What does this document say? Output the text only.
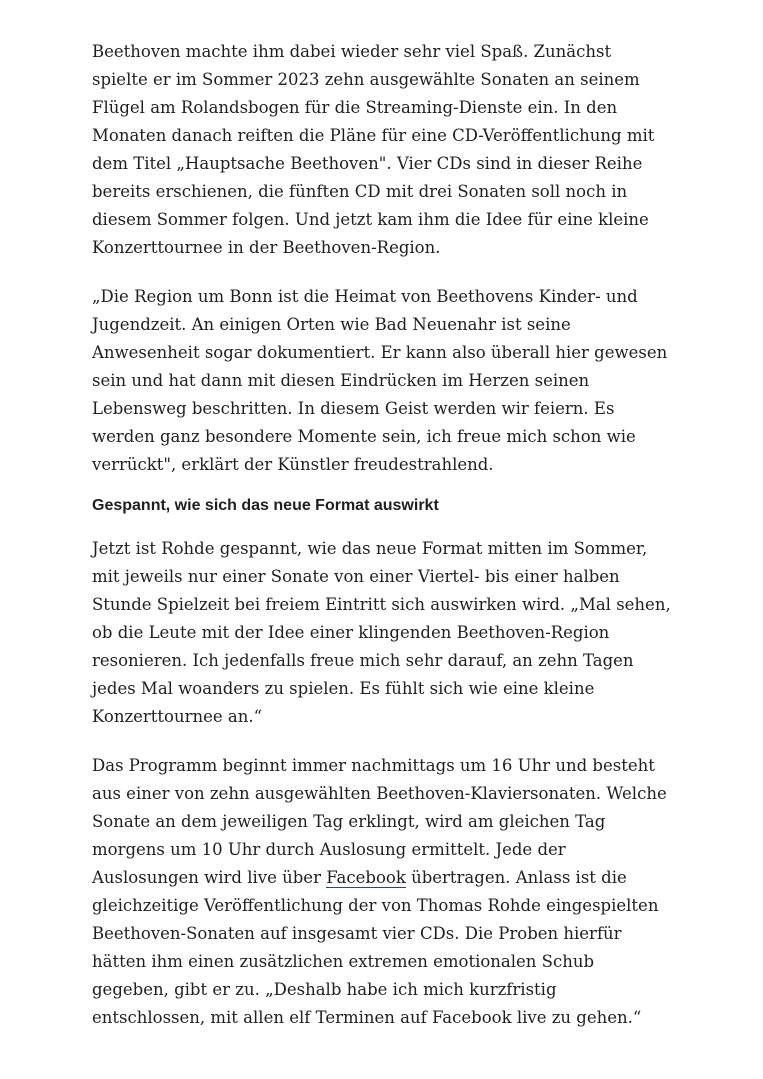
Beethoven machte ihm dabei wieder sehr viel Spaß. Zunächst spielte er im Sommer 2023 zehn ausgewählte Sonaten an seinem Flügel am Rolandsbogen für die Streaming-Dienste ein. In den Monaten danach reiften die Pläne für eine CD-Veröffentlichung mit dem Titel „Hauptsache Beethoven". Vier CDs sind in dieser Reihe bereits erschienen, die fünften CD mit drei Sonaten soll noch in diesem Sommer folgen. Und jetzt kam ihm die Idee für eine kleine Konzerttournee in der Beethoven-Region.

„Die Region um Bonn ist die Heimat von Beethovens Kinder- und Jugendzeit. An einigen Orten wie Bad Neuenahr ist seine Anwesenheit sogar dokumentiert. Er kann also überall hier gewesen sein und hat dann mit diesen Eindrücken im Herzen seinen Lebensweg beschritten. In diesem Geist werden wir feiern. Es werden ganz besondere Momente sein, ich freue mich schon wie verrückt", erklärt der Künstler freudestrahlend.

Gespannt, wie sich das neue Format auswirkt

Jetzt ist Rohde gespannt, wie das neue Format mitten im Sommer, mit jeweils nur einer Sonate von einer Viertel- bis einer halben Stunde Spielzeit bei freiem Eintritt sich auswirken wird. „Mal sehen, ob die Leute mit der Idee einer klingenden Beethoven-Region resonieren. Ich jedenfalls freue mich sehr darauf, an zehn Tagen jedes Mal woanders zu spielen. Es fühlt sich wie eine kleine Konzerttournee an.“

Das Programm beginnt immer nachmittags um 16 Uhr und besteht aus einer von zehn ausgewählten Beethoven-Klaviersonaten. Welche Sonate an dem jeweiligen Tag erklingt, wird am gleichen Tag morgens um 10 Uhr durch Auslosung ermittelt. Jede der Auslosungen wird live über Facebook übertragen. Anlass ist die gleichzeitige Veröffentlichung der von Thomas Rohde eingespielten Beethoven-Sonaten auf insgesamt vier CDs. Die Proben hierfür hätten ihm einen zusätzlichen extremen emotionalen Schub gegeben, gibt er zu. „Deshalb habe ich mich kurzfristig entschlossen, mit allen elf Terminen auf Facebook live zu gehen.“
